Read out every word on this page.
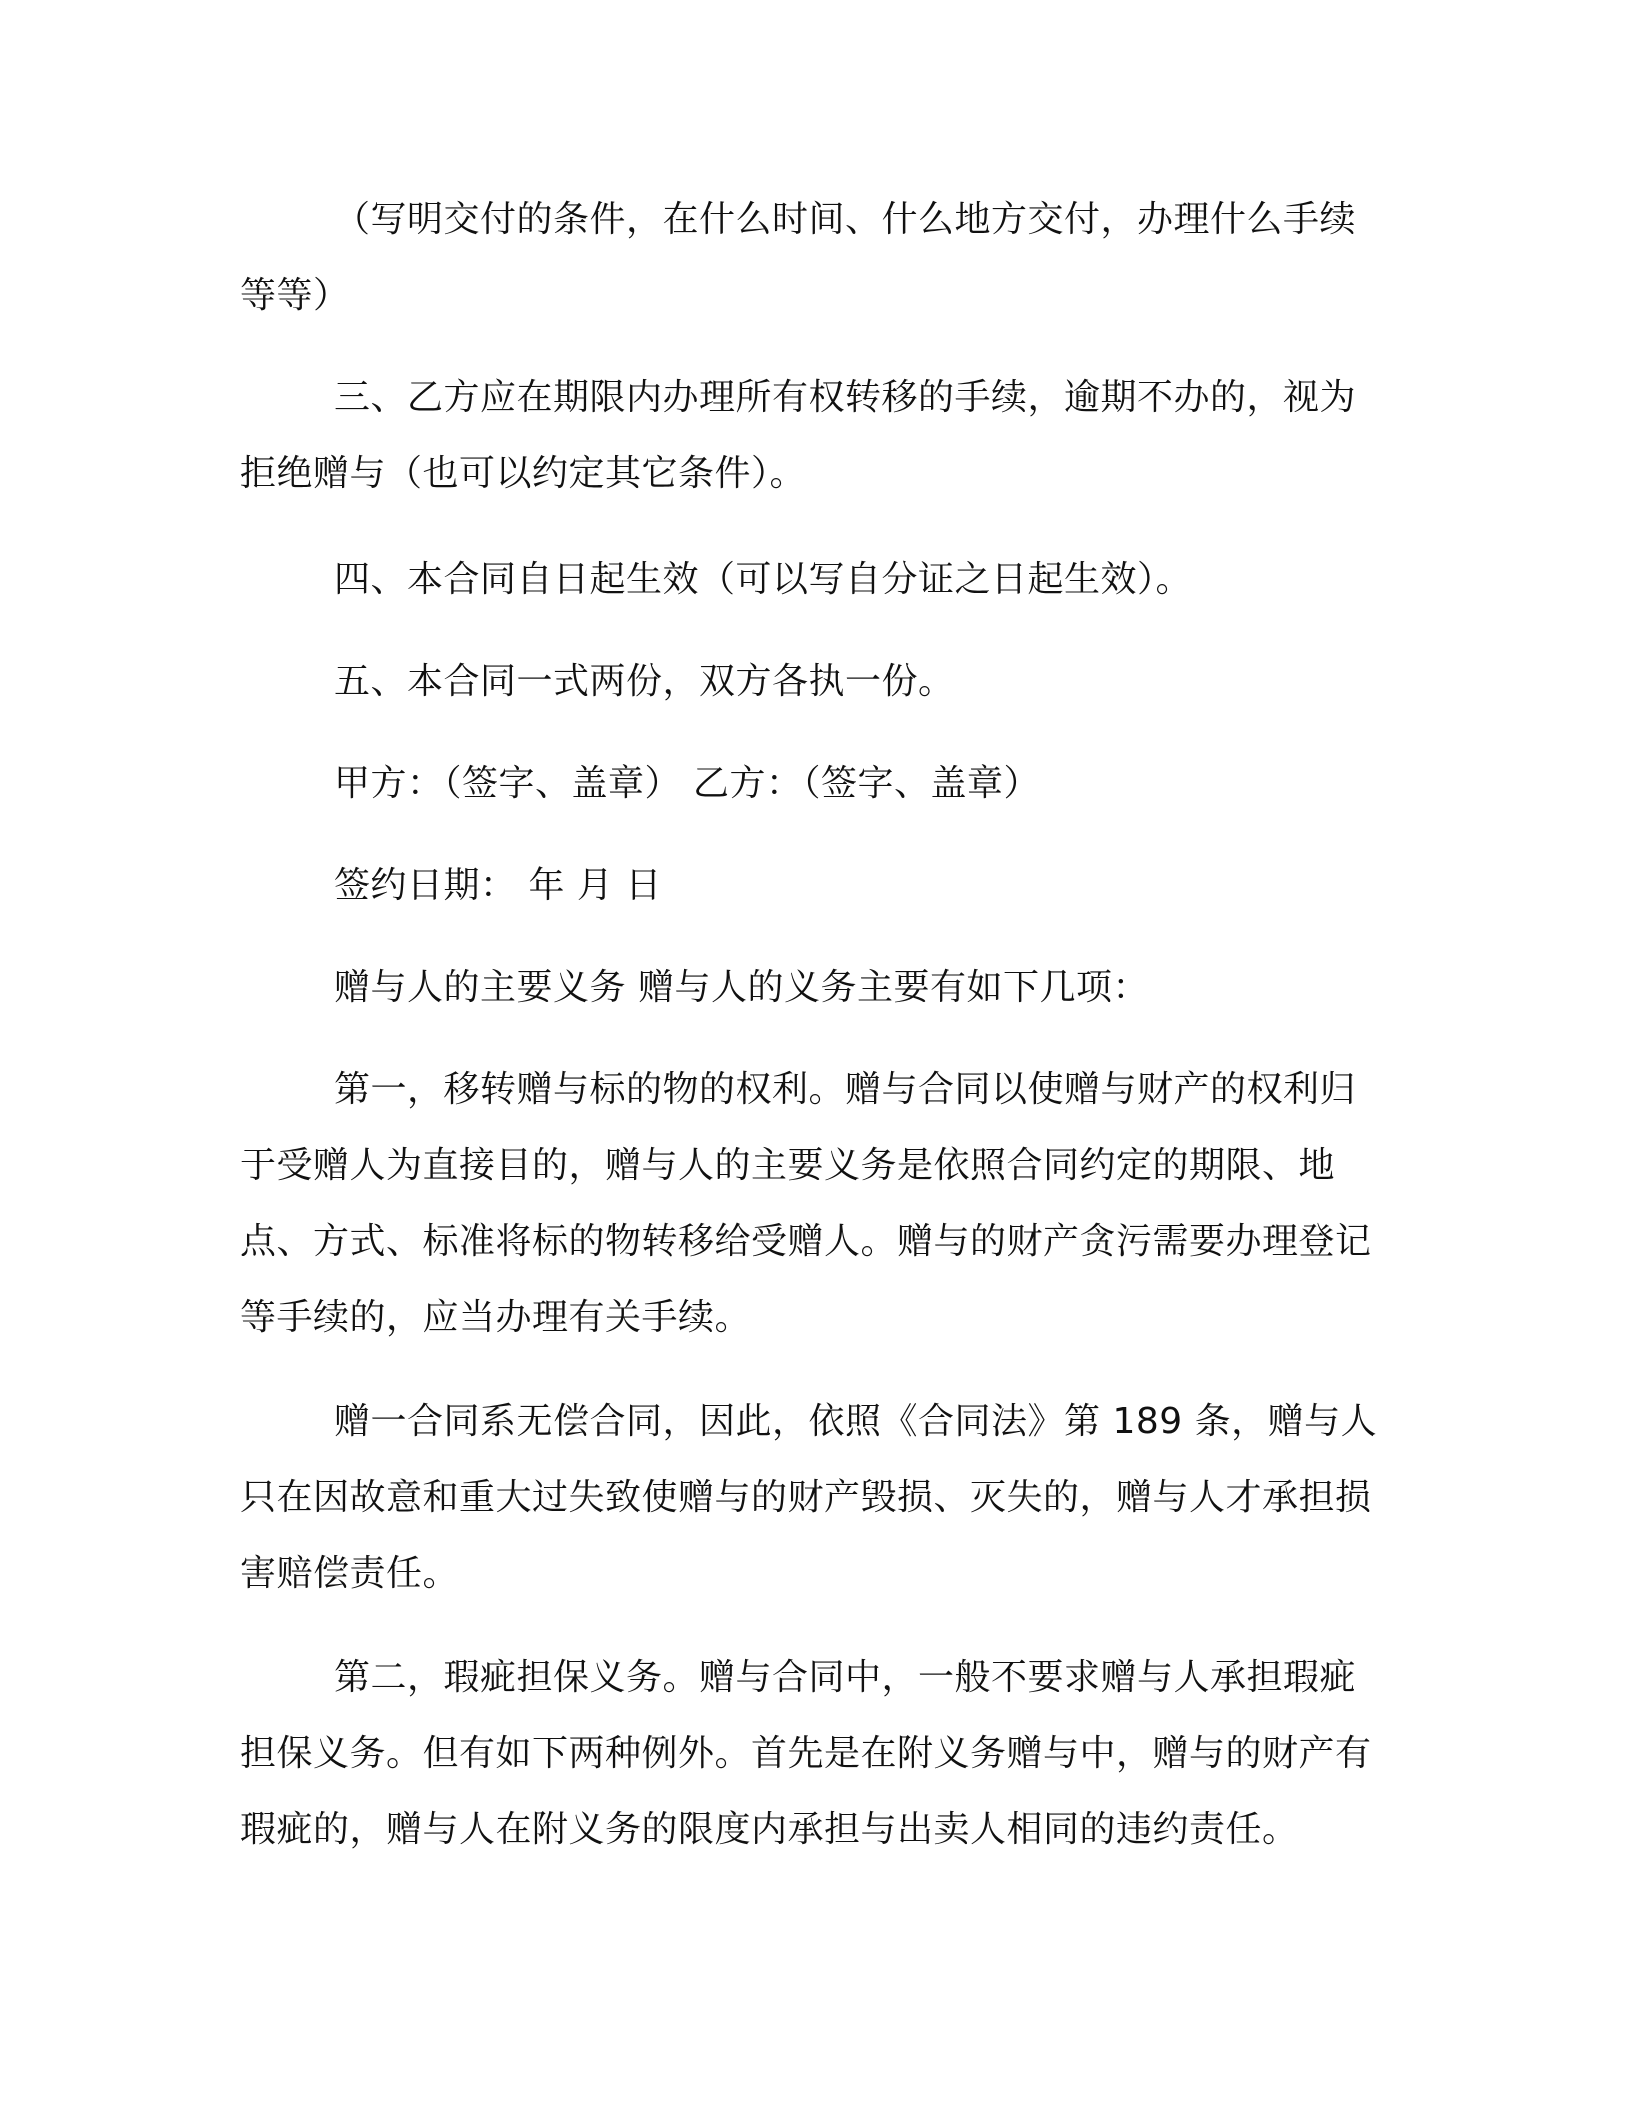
（写明交付的条件，在什么时间、什么地方交付，办理什么手续等等）

三、乙方应在期限内办理所有权转移的手续，逾期不办的，视为拒绝赠与（也可以约定其它条件）。

四、本合同自日起生效（可以写自分证之日起生效）。

五、本合同一式两份，双方各执一份。

甲方：（签字、盖章） 乙方：（签字、盖章）

签约日期： 年 月 日

赠与人的主要义务 赠与人的义务主要有如下几项：

第一，移转赠与标的物的权利。赠与合同以使赠与财产的权利归于受赠人为直接目的，赠与人的主要义务是依照合同约定的期限、地点、方式、标准将标的物转移给受赠人。赠与的财产贪污需要办理登记等手续的，应当办理有关手续。

赠一合同系无偿合同，因此，依照《合同法》第 189 条，赠与人只在因故意和重大过失致使赠与的财产毁损、灭失的，赠与人才承担损害赔偿责任。

第二，瑕疵担保义务。赠与合同中，一般不要求赠与人承担瑕疵担保义务。但有如下两种例外。首先是在附义务赠与中，赠与的财产有瑕疵的，赠与人在附义务的限度内承担与出卖人相同的违约责任。
